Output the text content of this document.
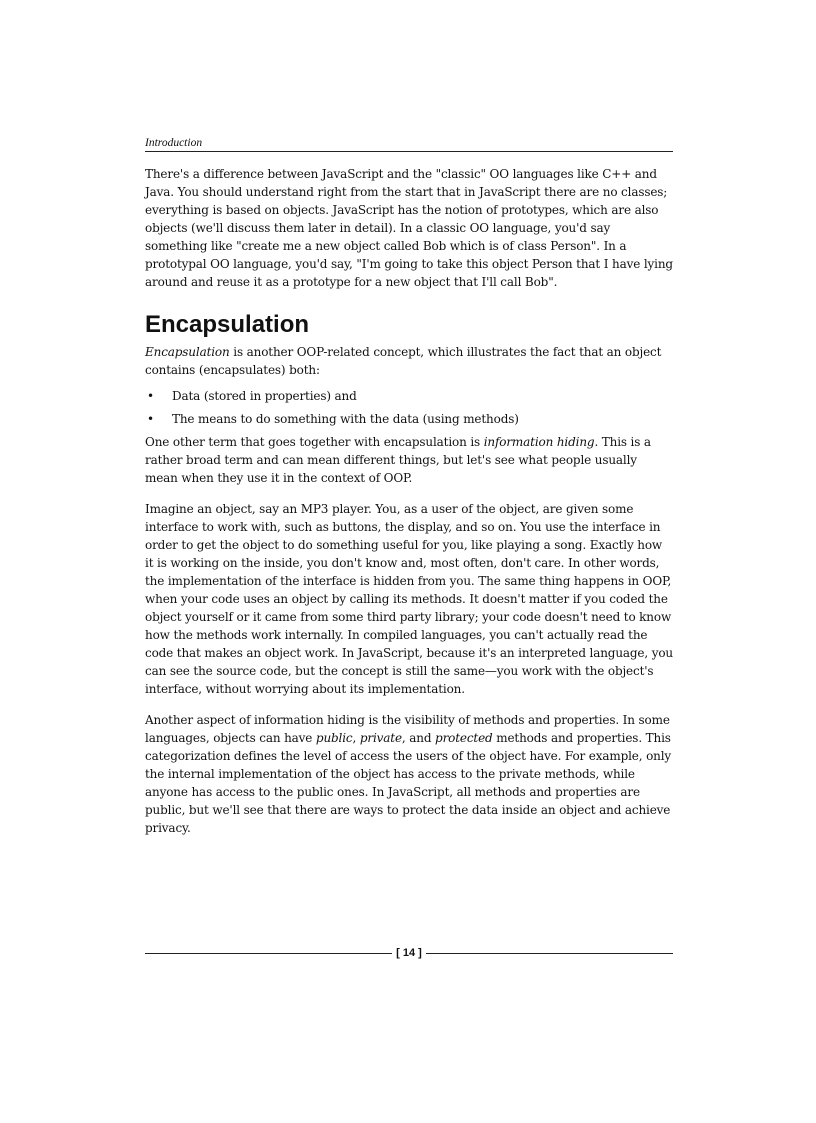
Introduction

There's a difference between JavaScript and the "classic" OO languages like C++ and Java. You should understand right from the start that in JavaScript there are no classes; everything is based on objects. JavaScript has the notion of prototypes, which are also objects (we'll discuss them later in detail). In a classic OO language, you'd say something like "create me a new object called Bob which is of class Person". In a prototypal OO language, you'd say, "I'm going to take this object Person that I have lying around and reuse it as a prototype for a new object that I'll call Bob".

Encapsulation

Encapsulation is another OOP-related concept, which illustrates the fact that an object contains (encapsulates) both:

•	Data (stored in properties) and
•	The means to do something with the data (using methods)

One other term that goes together with encapsulation is information hiding. This is a rather broad term and can mean different things, but let's see what people usually mean when they use it in the context of OOP.

Imagine an object, say an MP3 player. You, as a user of the object, are given some interface to work with, such as buttons, the display, and so on. You use the interface in order to get the object to do something useful for you, like playing a song. Exactly how it is working on the inside, you don't know and, most often, don't care. In other words, the implementation of the interface is hidden from you. The same thing happens in OOP, when your code uses an object by calling its methods. It doesn't matter if you coded the object yourself or it came from some third party library; your code doesn't need to know how the methods work internally. In compiled languages, you can't actually read the code that makes an object work. In JavaScript, because it's an interpreted language, you can see the source code, but the concept is still the same—you work with the object's interface, without worrying about its implementation.

Another aspect of information hiding is the visibility of methods and properties. In some languages, objects can have public, private, and protected methods and properties. This categorization defines the level of access the users of the object have. For example, only the internal implementation of the object has access to the private methods, while anyone has access to the public ones. In JavaScript, all methods and properties are public, but we'll see that there are ways to protect the data inside an object and achieve privacy.

[ 14 ]
